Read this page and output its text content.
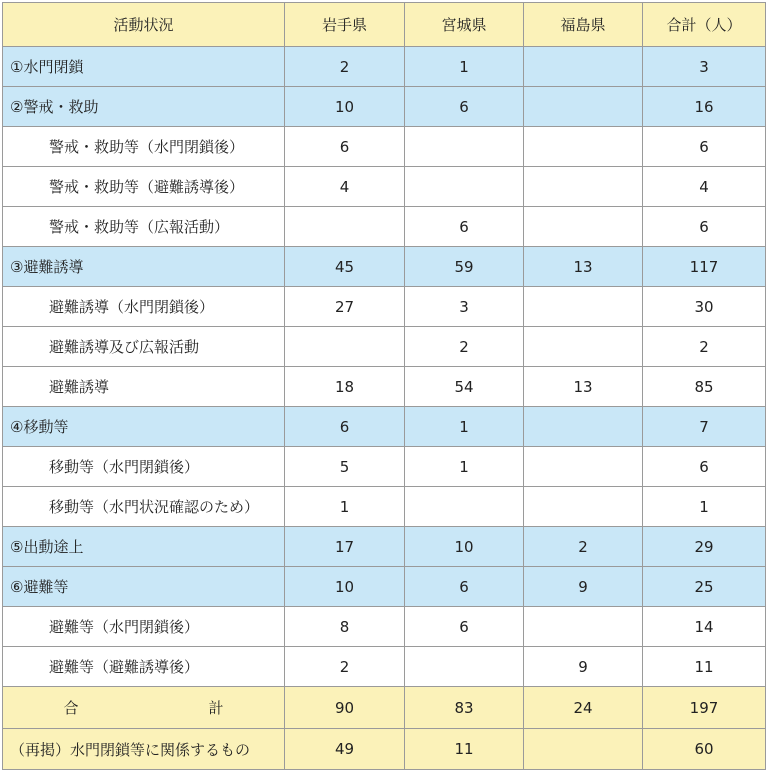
活動状況	岩手県	宮城県	福島県	合計（人）
①水門閉鎖	2	1		3
②警戒・救助	10	6		16
警戒・救助等（水門閉鎖後）	6			6
警戒・救助等（避難誘導後）	4			4
警戒・救助等（広報活動）		6		6
③避難誘導	45	59	13	117
避難誘導（水門閉鎖後）	27	3		30
避難誘導及び広報活動		2		2
避難誘導	18	54	13	85
④移動等	6	1		7
移動等（水門閉鎖後）	5	1		6
移動等（水門状況確認のため）	1			1
⑤出動途上	17	10	2	29
⑥避難等	10	6	9	25
避難等（水門閉鎖後）	8	6		14
避難等（避難誘導後）	2		9	11
合 計	90	83	24	197
（再掲）水門閉鎖等に関係するもの	49	11		60
